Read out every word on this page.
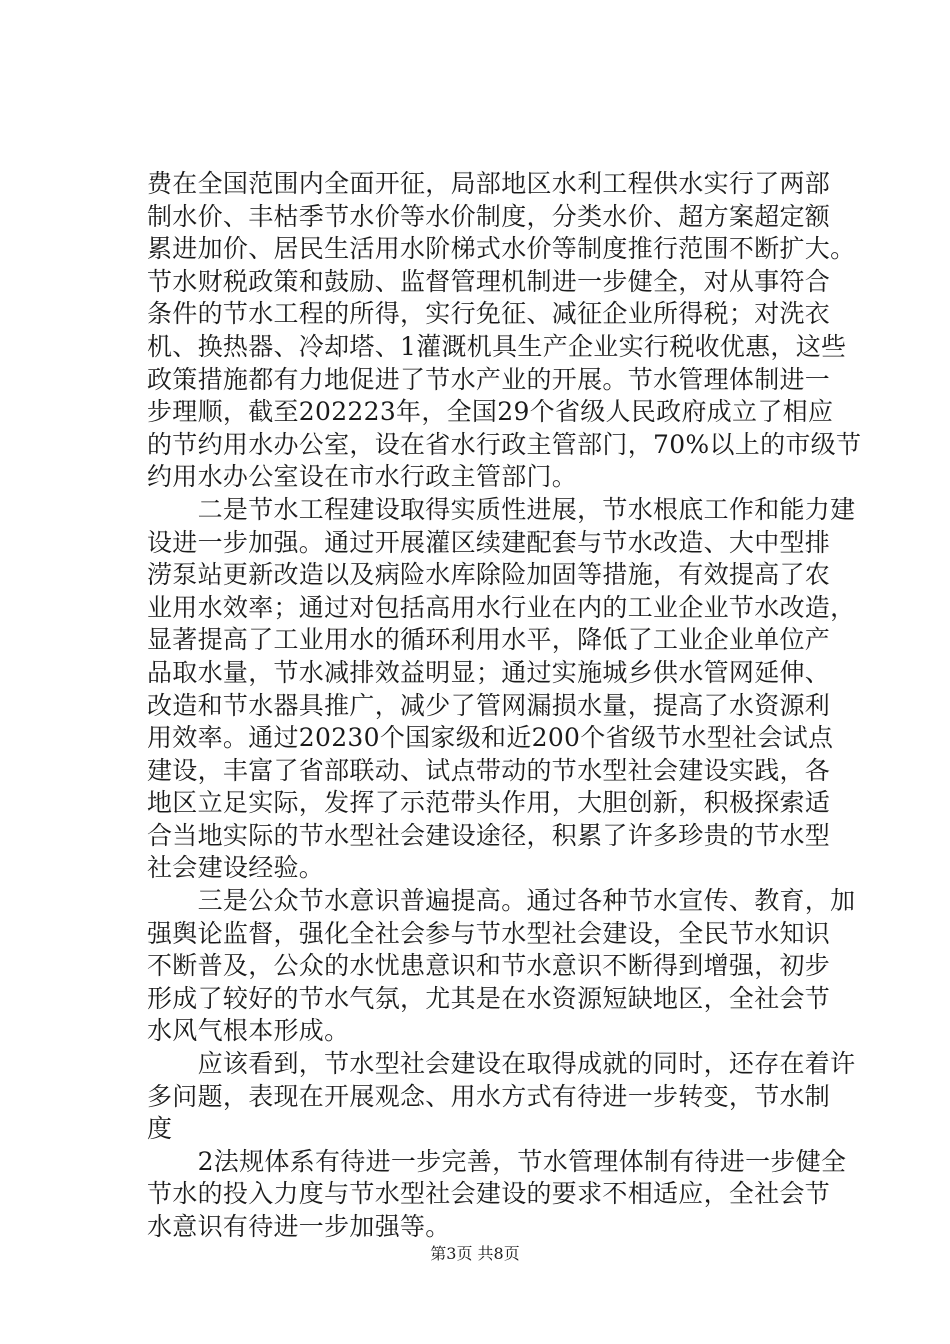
费在全国范围内全面开征，局部地区水利工程供水实行了两部
制水价、丰枯季节水价等水价制度，分类水价、超方案超定额
累进加价、居民生活用水阶梯式水价等制度推行范围不断扩大。
节水财税政策和鼓励、监督管理机制进一步健全，对从事符合
条件的节水工程的所得，实行免征、减征企业所得税；对洗衣
机、换热器、冷却塔、1灌溉机具生产企业实行税收优惠，这些
政策措施都有力地促进了节水产业的开展。节水管理体制进一
步理顺，截至202223年，全国29个省级人民政府成立了相应
的节约用水办公室，设在省水行政主管部门，70%以上的市级节
约用水办公室设在市水行政主管部门。
　　二是节水工程建设取得实质性进展，节水根底工作和能力建
设进一步加强。通过开展灌区续建配套与节水改造、大中型排
涝泵站更新改造以及病险水库除险加固等措施，有效提高了农
业用水效率；通过对包括高用水行业在内的工业企业节水改造，
显著提高了工业用水的循环利用水平，降低了工业企业单位产
品取水量，节水减排效益明显；通过实施城乡供水管网延伸、
改造和节水器具推广，减少了管网漏损水量，提高了水资源利
用效率。通过20230个国家级和近200个省级节水型社会试点
建设，丰富了省部联动、试点带动的节水型社会建设实践，各
地区立足实际，发挥了示范带头作用，大胆创新，积极探索适
合当地实际的节水型社会建设途径，积累了许多珍贵的节水型
社会建设经验。
　　三是公众节水意识普遍提高。通过各种节水宣传、教育，加
强舆论监督，强化全社会参与节水型社会建设，全民节水知识
不断普及，公众的水忧患意识和节水意识不断得到增强，初步
形成了较好的节水气氛，尤其是在水资源短缺地区，全社会节
水风气根本形成。
　　应该看到，节水型社会建设在取得成就的同时，还存在着许
多问题，表现在开展观念、用水方式有待进一步转变，节水制
度
　　2法规体系有待进一步完善，节水管理体制有待进一步健全
节水的投入力度与节水型社会建设的要求不相适应，全社会节
水意识有待进一步加强等。
第3页 共8页
